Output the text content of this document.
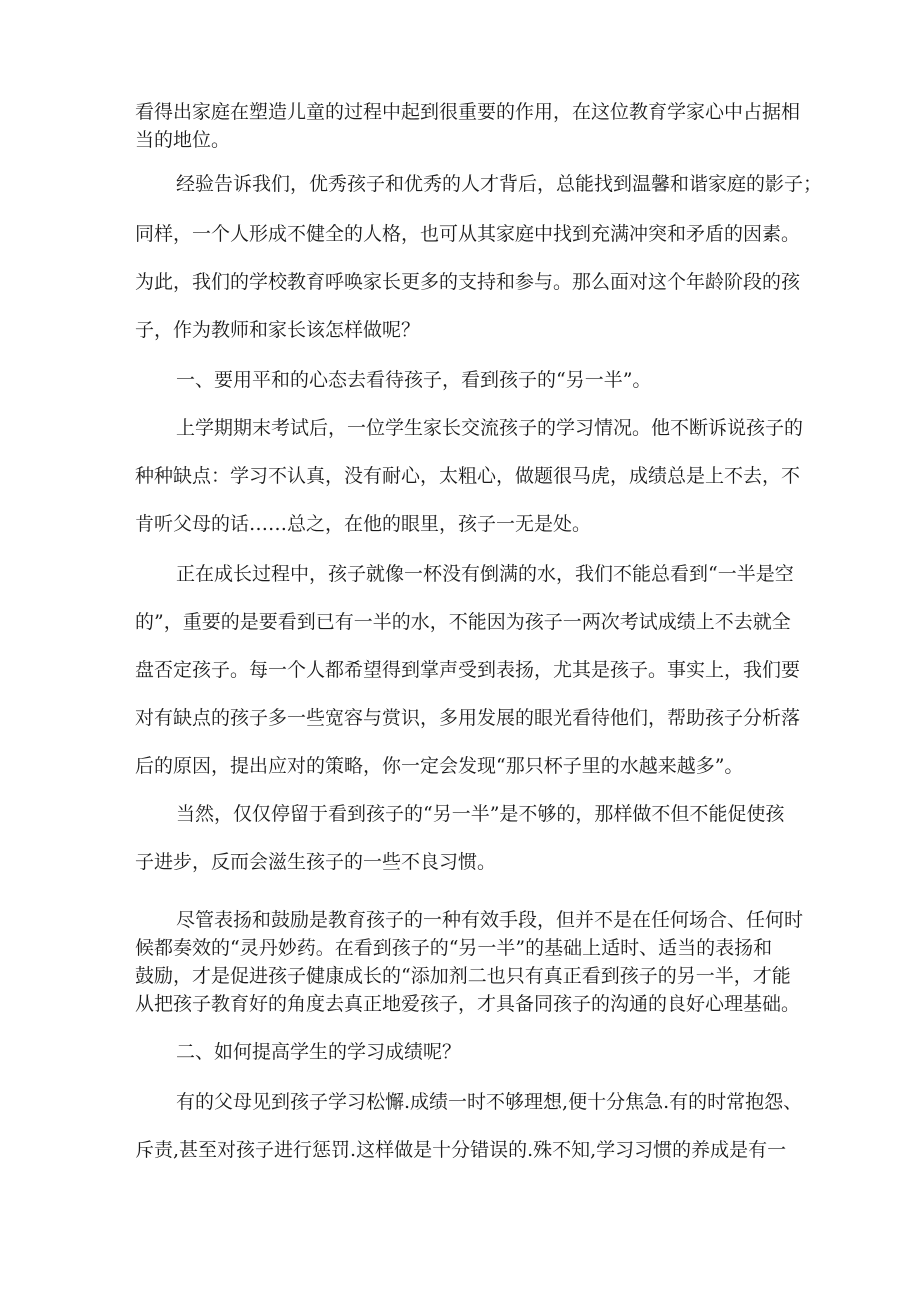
看得出家庭在塑造儿童的过程中起到很重要的作用，在这位教育学家心中占据相
当的地位。
经验告诉我们，优秀孩子和优秀的人才背后，总能找到温馨和谐家庭的影子；
同样，一个人形成不健全的人格，也可从其家庭中找到充满冲突和矛盾的因素。
为此，我们的学校教育呼唤家长更多的支持和参与。那么面对这个年龄阶段的孩
子，作为教师和家长该怎样做呢？
一、要用平和的心态去看待孩子，看到孩子的“另一半”。
上学期期末考试后，一位学生家长交流孩子的学习情况。他不断诉说孩子的
种种缺点：学习不认真，没有耐心，太粗心，做题很马虎，成绩总是上不去，不
肯听父母的话……总之，在他的眼里，孩子一无是处。
正在成长过程中，孩子就像一杯没有倒满的水，我们不能总看到“一半是空
的”，重要的是要看到已有一半的水，不能因为孩子一两次考试成绩上不去就全
盘否定孩子。每一个人都希望得到掌声受到表扬，尤其是孩子。事实上，我们要
对有缺点的孩子多一些宽容与赏识，多用发展的眼光看待他们，帮助孩子分析落
后的原因，提出应对的策略，你一定会发现“那只杯子里的水越来越多”。
当然，仅仅停留于看到孩子的“另一半”是不够的，那样做不但不能促使孩
子进步，反而会滋生孩子的一些不良习惯。
尽管表扬和鼓励是教育孩子的一种有效手段，但并不是在任何场合、任何时
候都奏效的“灵丹妙药。在看到孩子的“另一半”的基础上适时、适当的表扬和
鼓励，才是促进孩子健康成长的“添加剂二也只有真正看到孩子的另一半，才能
从把孩子教育好的角度去真正地爱孩子，才具备同孩子的沟通的良好心理基础。
二、如何提高学生的学习成绩呢？
有的父母见到孩子学习松懈.成绩一时不够理想,便十分焦急.有的时常抱怨、
斥责,甚至对孩子进行惩罚.这样做是十分错误的.殊不知,学习习惯的养成是有一
